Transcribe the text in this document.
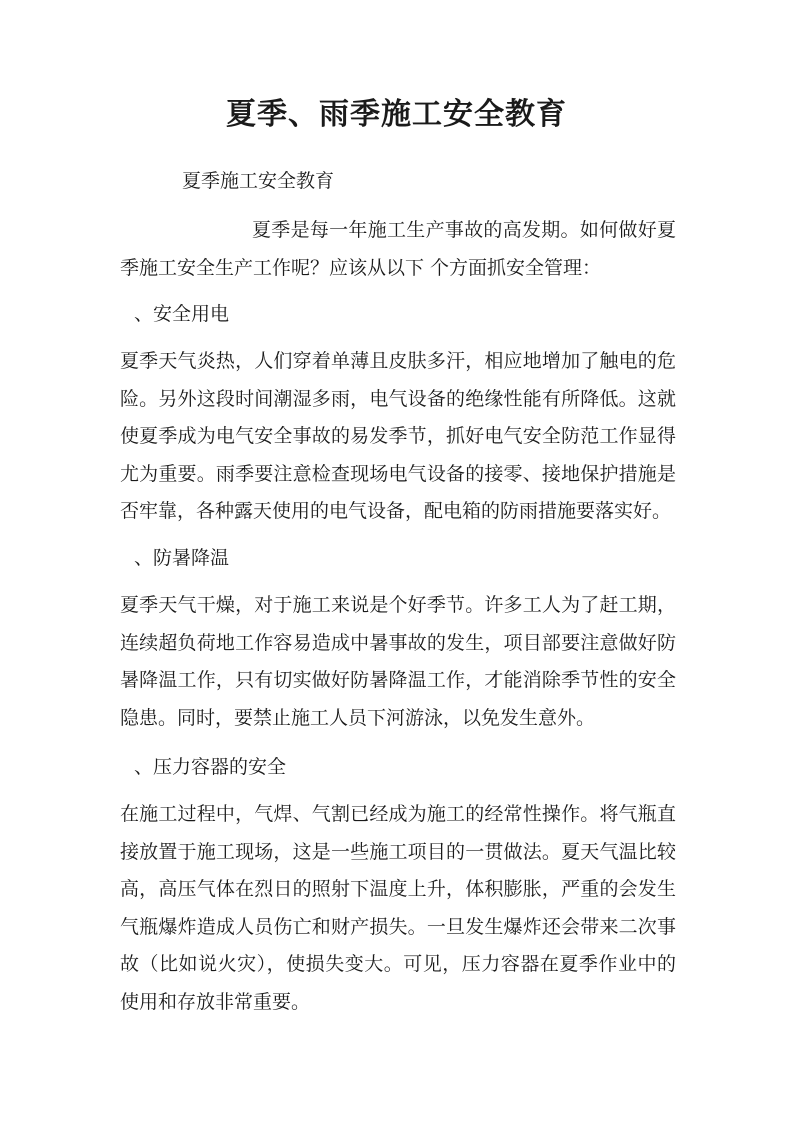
夏季、雨季施工安全教育

夏季施工安全教育

夏季是每一年施工生产事故的高发期。如何做好夏季施工安全生产工作呢？应该从以下 个方面抓安全管理：

、安全用电

夏季天气炎热，人们穿着单薄且皮肤多汗，相应地增加了触电的危险。另外这段时间潮湿多雨，电气设备的绝缘性能有所降低。这就使夏季成为电气安全事故的易发季节，抓好电气安全防范工作显得尤为重要。雨季要注意检查现场电气设备的接零、接地保护措施是否牢靠，各种露天使用的电气设备，配电箱的防雨措施要落实好。

、防暑降温

夏季天气干燥，对于施工来说是个好季节。许多工人为了赶工期，连续超负荷地工作容易造成中暑事故的发生，项目部要注意做好防暑降温工作，只有切实做好防暑降温工作，才能消除季节性的安全隐患。同时，要禁止施工人员下河游泳，以免发生意外。

、压力容器的安全

在施工过程中，气焊、气割已经成为施工的经常性操作。将气瓶直接放置于施工现场，这是一些施工项目的一贯做法。夏天气温比较高，高压气体在烈日的照射下温度上升，体积膨胀，严重的会发生气瓶爆炸造成人员伤亡和财产损失。一旦发生爆炸还会带来二次事故（比如说火灾），使损失变大。可见，压力容器在夏季作业中的使用和存放非常重要。
